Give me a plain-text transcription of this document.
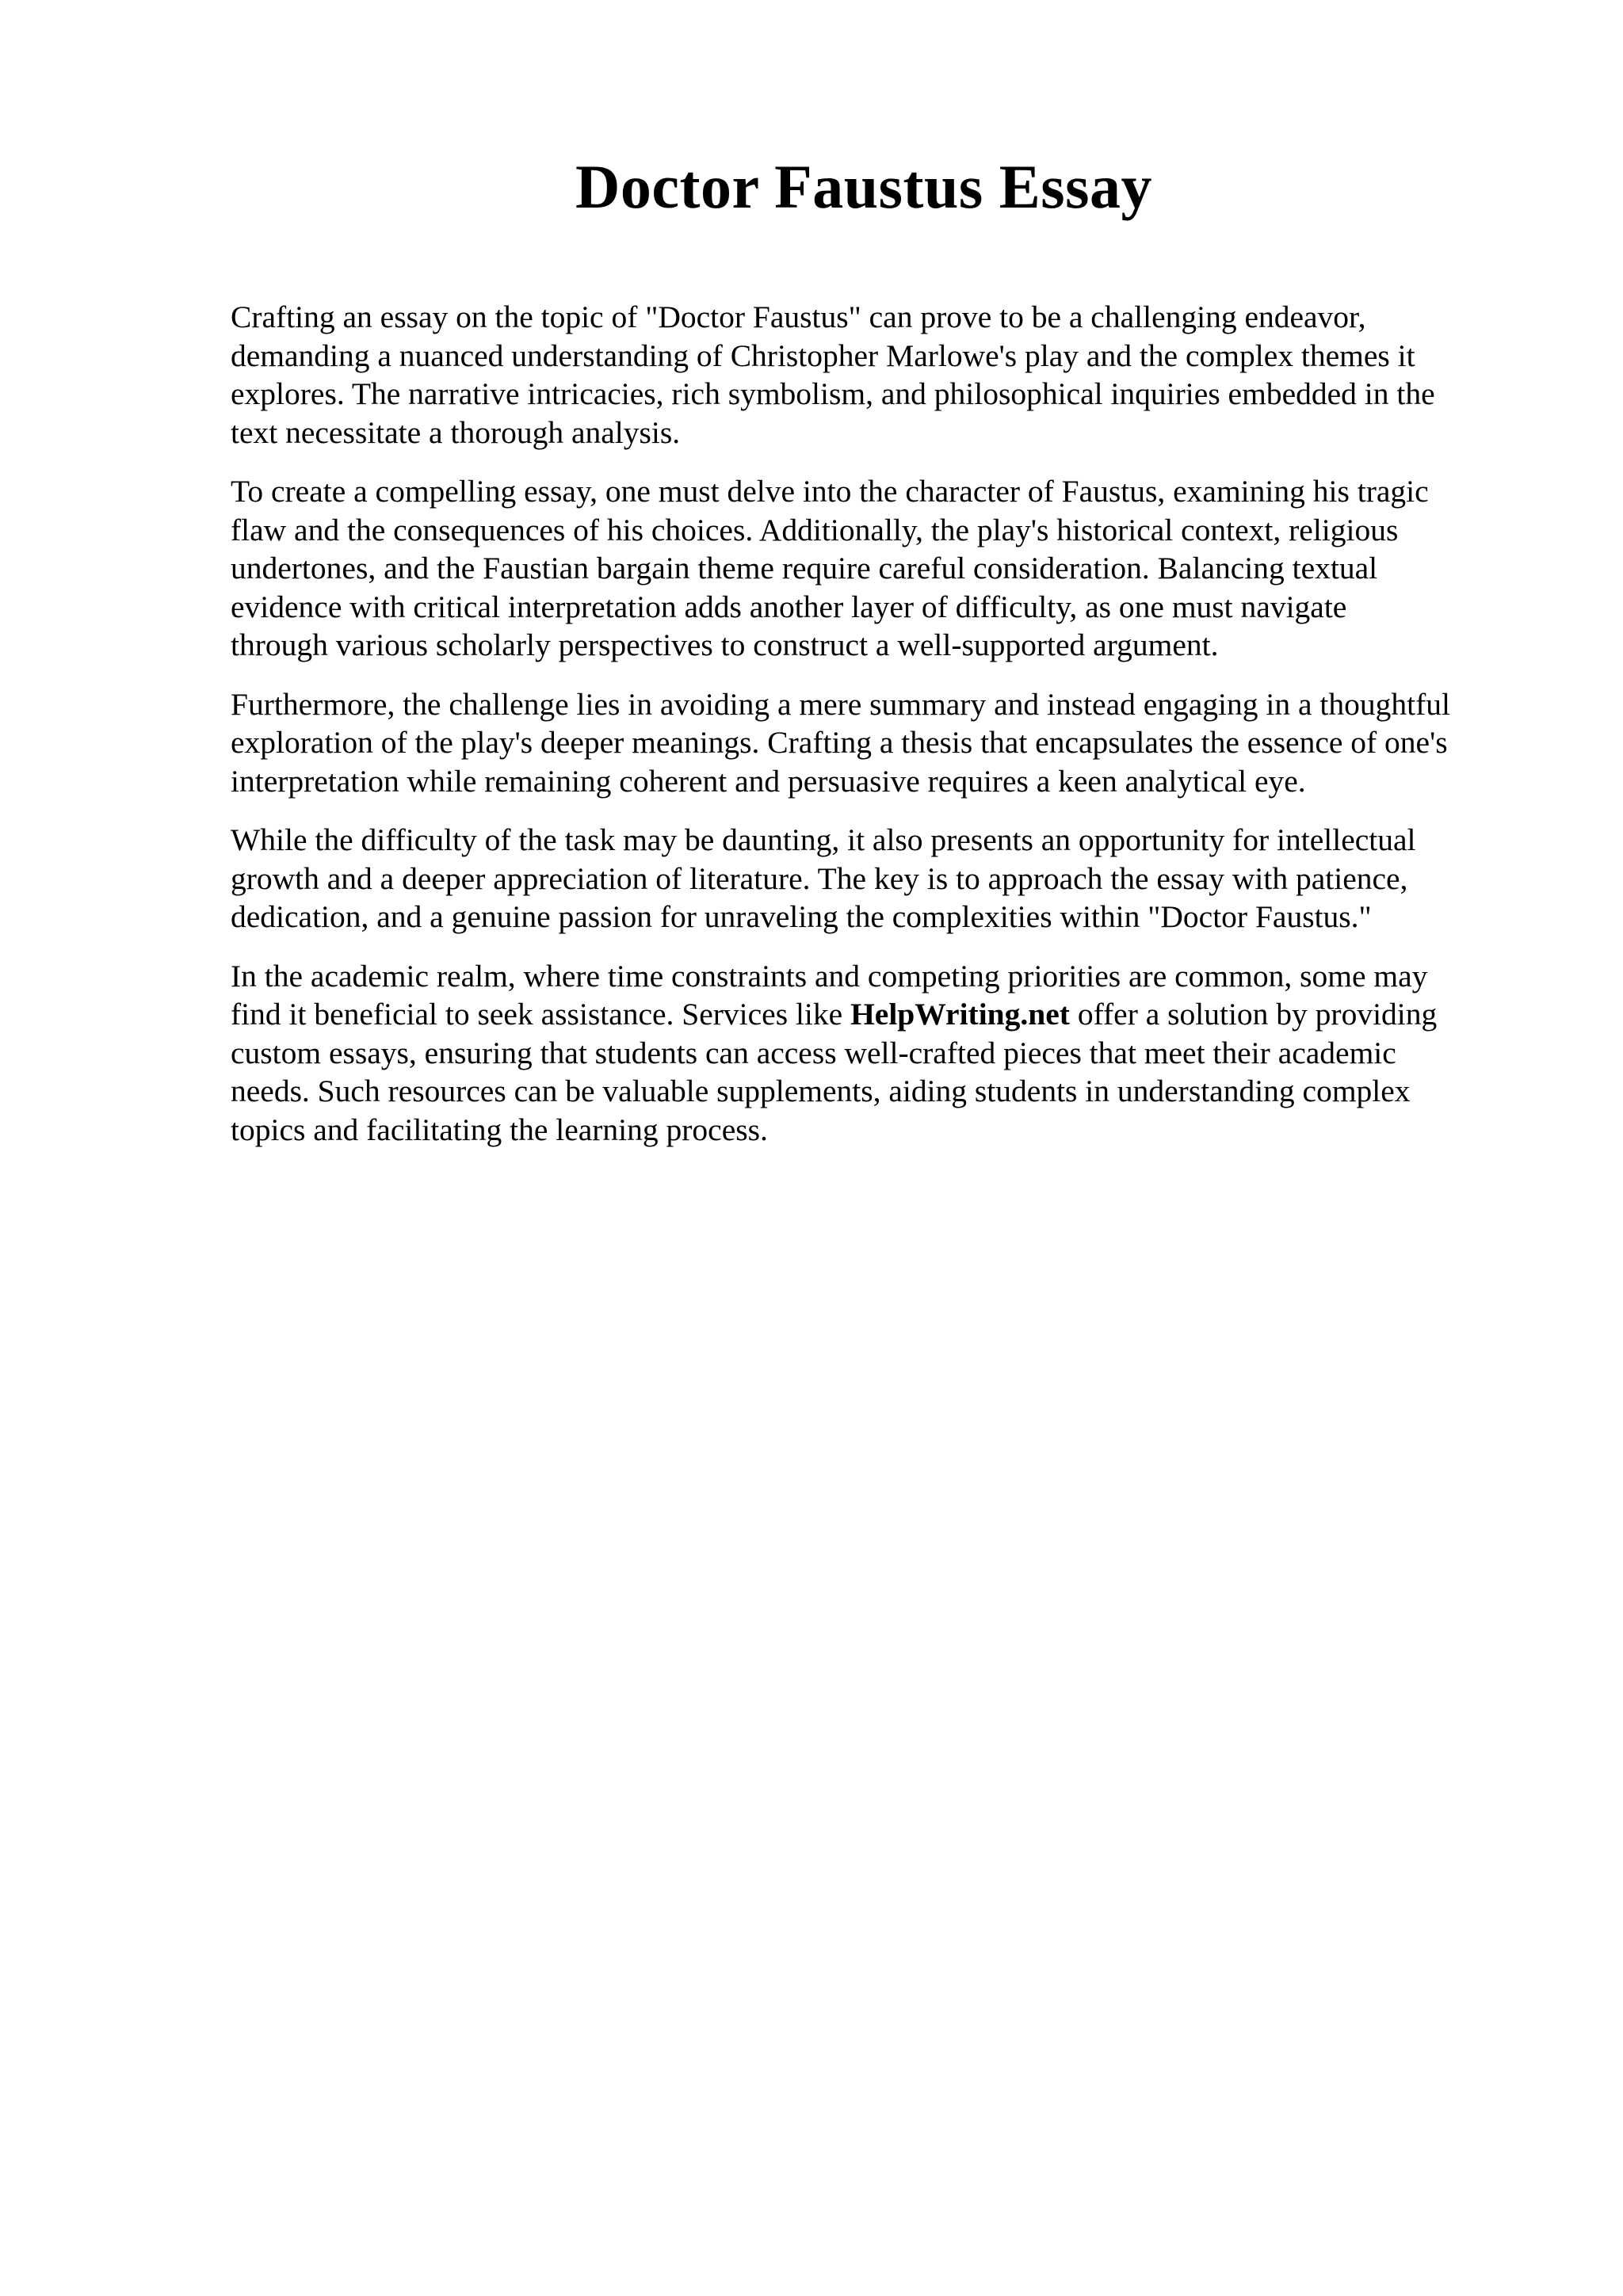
Doctor Faustus Essay

Crafting an essay on the topic of "Doctor Faustus" can prove to be a challenging endeavor,
demanding a nuanced understanding of Christopher Marlowe's play and the complex themes it
explores. The narrative intricacies, rich symbolism, and philosophical inquiries embedded in the
text necessitate a thorough analysis.

To create a compelling essay, one must delve into the character of Faustus, examining his tragic
flaw and the consequences of his choices. Additionally, the play's historical context, religious
undertones, and the Faustian bargain theme require careful consideration. Balancing textual
evidence with critical interpretation adds another layer of difficulty, as one must navigate
through various scholarly perspectives to construct a well-supported argument.

Furthermore, the challenge lies in avoiding a mere summary and instead engaging in a thoughtful
exploration of the play's deeper meanings. Crafting a thesis that encapsulates the essence of one's
interpretation while remaining coherent and persuasive requires a keen analytical eye.

While the difficulty of the task may be daunting, it also presents an opportunity for intellectual
growth and a deeper appreciation of literature. The key is to approach the essay with patience,
dedication, and a genuine passion for unraveling the complexities within "Doctor Faustus."

In the academic realm, where time constraints and competing priorities are common, some may
find it beneficial to seek assistance. Services like HelpWriting.net offer a solution by providing
custom essays, ensuring that students can access well-crafted pieces that meet their academic
needs. Such resources can be valuable supplements, aiding students in understanding complex
topics and facilitating the learning process.
